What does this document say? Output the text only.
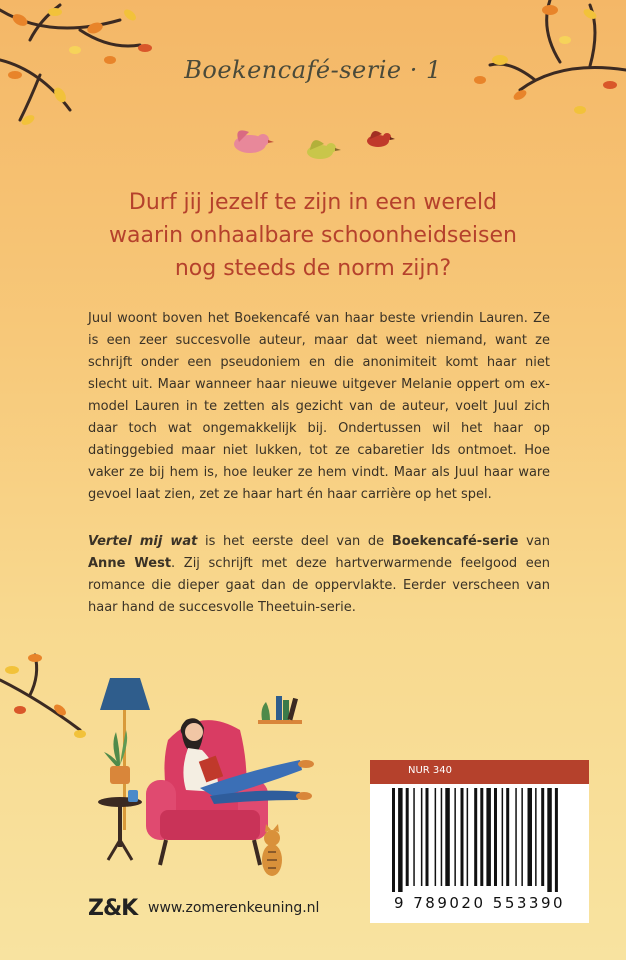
Boekencafé-serie · 1
Durf jij jezelf te zijn in een wereld
waarin onhaalbare schoonheidseisen
nog steeds de norm zijn?
Juul woont boven het Boekencafé van haar beste vriendin Lauren. Ze is een zeer succesvolle auteur, maar dat weet niemand, want ze schrijft onder een pseudoniem en die anonimiteit komt haar niet slecht uit. Maar wanneer haar nieuwe uitgever Melanie oppert om ex-model Lauren in te zetten als gezicht van de auteur, voelt Juul zich daar toch wat ongemakkelijk bij. Ondertussen wil het haar op datinggebied maar niet lukken, tot ze cabaretier Ids ontmoet. Hoe vaker ze bij hem is, hoe leuker ze hem vindt. Maar als Juul haar ware gevoel laat zien, zet ze haar hart én haar carrière op het spel.
Vertel mij wat is het eerste deel van de Boekencafé-serie van Anne West. Zij schrijft met deze hartverwarmende feelgood een romance die dieper gaat dan de oppervlakte. Eerder verscheen van haar hand de succesvolle Theetuin-serie.
NUR 340
9 789020 553390
Z&K www.zomerenkeuning.nl
